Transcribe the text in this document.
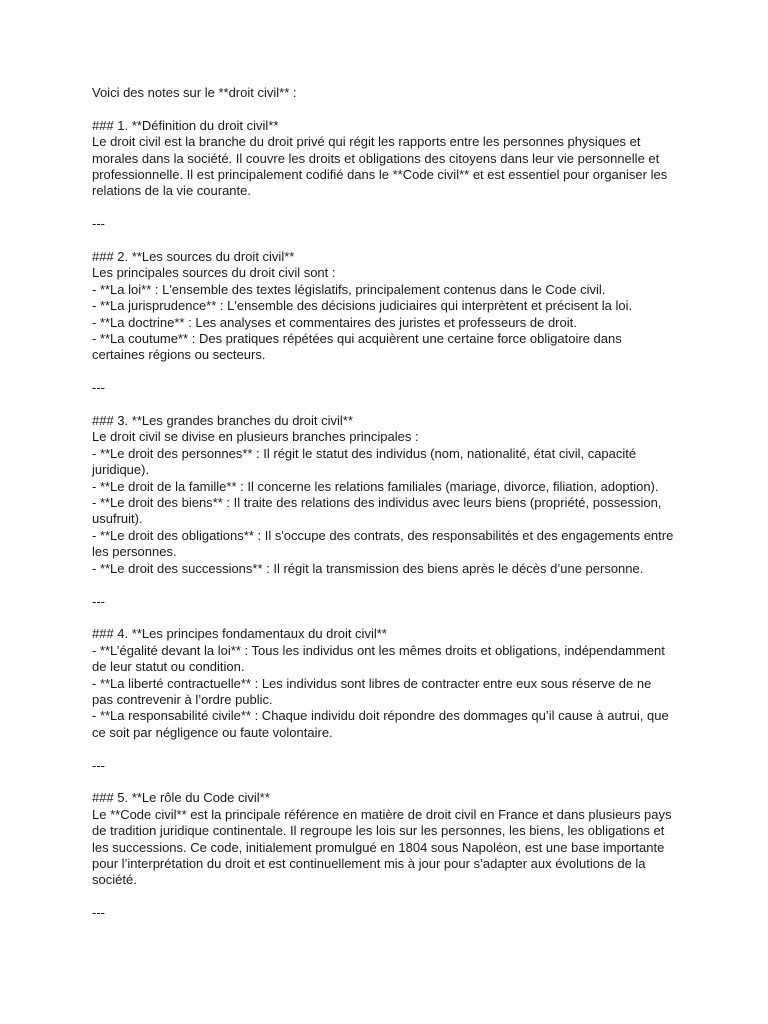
Voici des notes sur le **droit civil** :
### 1. **Définition du droit civil**
Le droit civil est la branche du droit privé qui régit les rapports entre les personnes physiques et
morales dans la société. Il couvre les droits et obligations des citoyens dans leur vie personnelle et
professionnelle. Il est principalement codifié dans le **Code civil** et est essentiel pour organiser les
relations de la vie courante.
---
### 2. **Les sources du droit civil**
Les principales sources du droit civil sont :
- **La loi** : L'ensemble des textes législatifs, principalement contenus dans le Code civil.
- **La jurisprudence** : L'ensemble des décisions judiciaires qui interprètent et précisent la loi.
- **La doctrine** : Les analyses et commentaires des juristes et professeurs de droit.
- **La coutume** : Des pratiques répétées qui acquièrent une certaine force obligatoire dans
certaines régions ou secteurs.
---
### 3. **Les grandes branches du droit civil**
Le droit civil se divise en plusieurs branches principales :
- **Le droit des personnes** : Il régit le statut des individus (nom, nationalité, état civil, capacité
juridique).
- **Le droit de la famille** : Il concerne les relations familiales (mariage, divorce, filiation, adoption).
- **Le droit des biens** : Il traite des relations des individus avec leurs biens (propriété, possession,
usufruit).
- **Le droit des obligations** : Il s'occupe des contrats, des responsabilités et des engagements entre
les personnes.
- **Le droit des successions** : Il régit la transmission des biens après le décès d’une personne.
---
### 4. **Les principes fondamentaux du droit civil**
- **L’égalité devant la loi** : Tous les individus ont les mêmes droits et obligations, indépendamment
de leur statut ou condition.
- **La liberté contractuelle** : Les individus sont libres de contracter entre eux sous réserve de ne
pas contrevenir à l’ordre public.
- **La responsabilité civile** : Chaque individu doit répondre des dommages qu’il cause à autrui, que
ce soit par négligence ou faute volontaire.
---
### 5. **Le rôle du Code civil**
Le **Code civil** est la principale référence en matière de droit civil en France et dans plusieurs pays
de tradition juridique continentale. Il regroupe les lois sur les personnes, les biens, les obligations et
les successions. Ce code, initialement promulgué en 1804 sous Napoléon, est une base importante
pour l’interprétation du droit et est continuellement mis à jour pour s’adapter aux évolutions de la
société.
---
